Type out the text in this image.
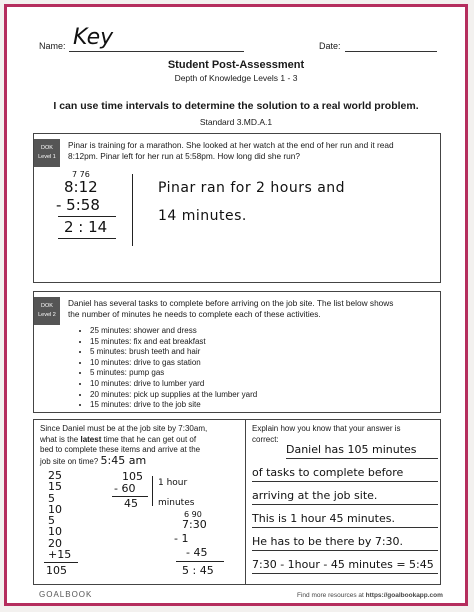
Name: Key	Date:
Student Post-Assessment
Depth of Knowledge Levels 1 - 3
I can use time intervals to determine the solution to a real world problem.
Standard 3.MD.A.1
DOK
Level 1
Pinar is training for a marathon. She looked at her watch at the end of her run and it read
8:12pm. Pinar left for her run at 5:58pm. How long did she run?
7 76
8:12
- 5:58
2 : 14
Pinar ran for 2 hours and
14 minutes.
DOK
Level 2
Daniel has several tasks to complete before arriving on the job site. The list below shows
the number of minutes he needs to complete each of these activities.
• 25 minutes: shower and dress
• 15 minutes: fix and eat breakfast
• 5 minutes: brush teeth and hair
• 10 minutes: drive to gas station
• 5 minutes: pump gas
• 10 minutes: drive to lumber yard
• 20 minutes: pick up supplies at the lumber yard
• 15 minutes: drive to the job site
Since Daniel must be at the job site by 7:30am,
what is the latest time that he can get out of
bed to complete these items and arrive at the
job site on time? 5:45 am
25
15
5
10
5
10
20
+15
105
105
- 60
45
1 hour
minutes
6 90
7:30
- 1
- 45
5 : 45
Explain how you know that your answer is
correct:
Daniel has 105 minutes
of tasks to complete before
arriving at the job site.
This is 1 hour 45 minutes.
He has to be there by 7:30.
7:30 - 1hour - 45 minutes = 5:45
GOALBOOK	Find more resources at https://goalbookapp.com
